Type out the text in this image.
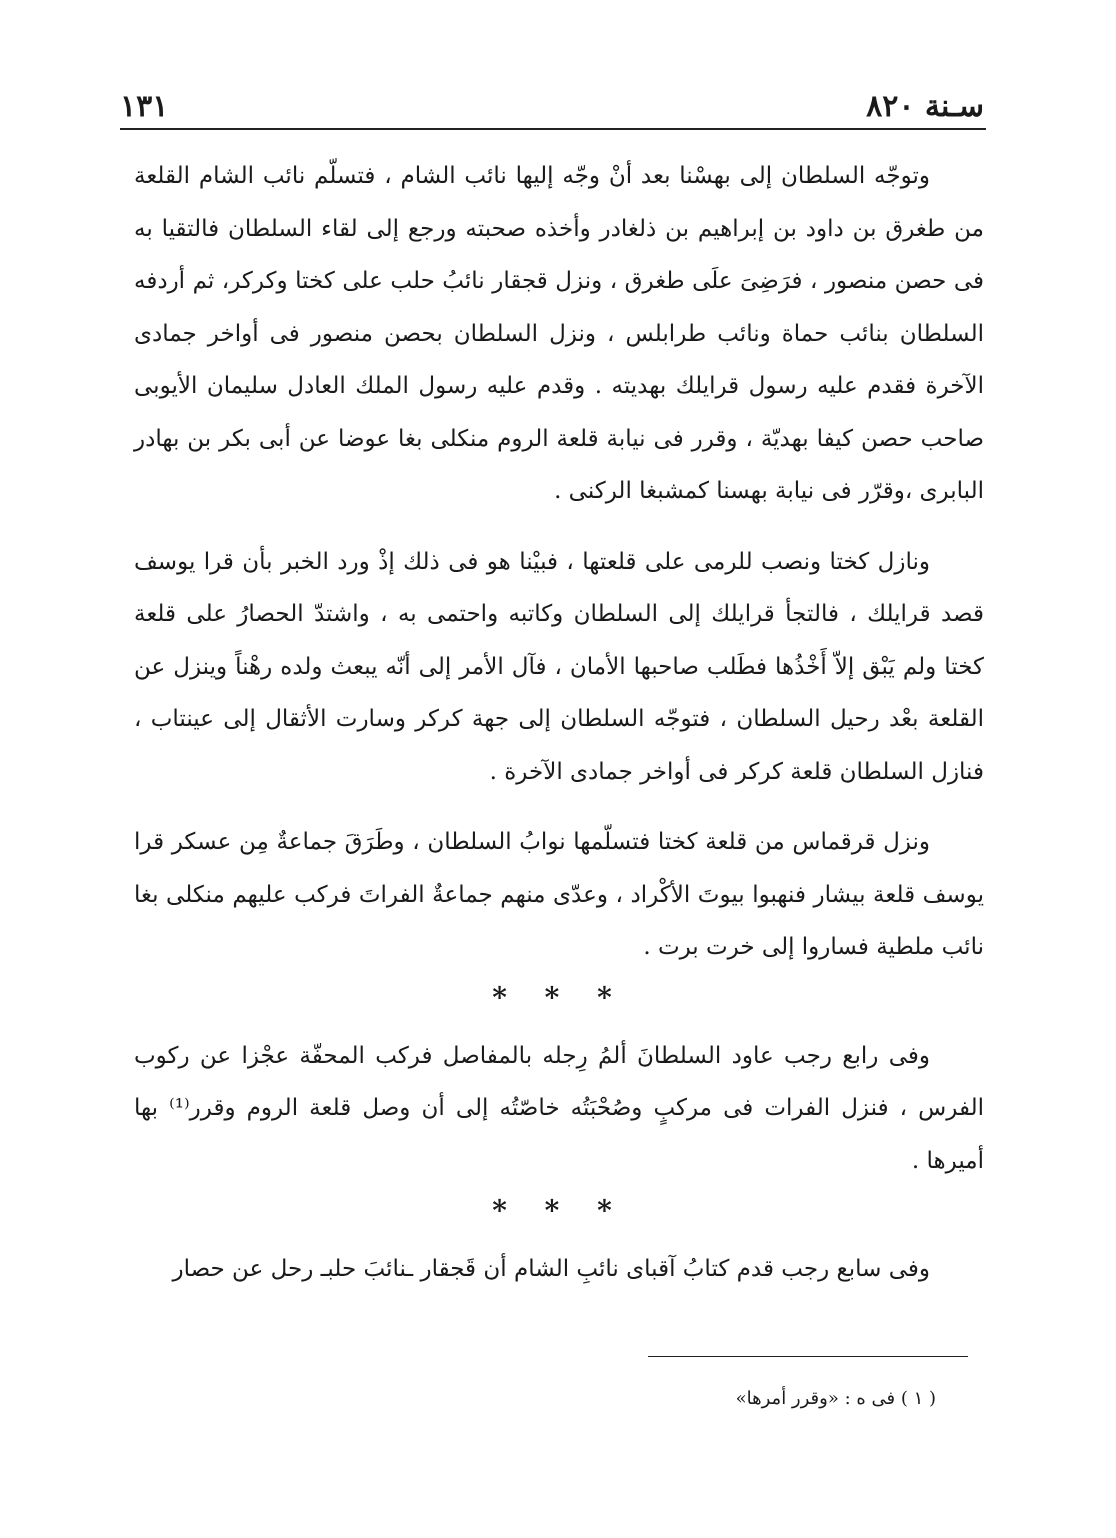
سـنة ٨٢٠
١٣١

وتوجّه السلطان إلى بهسْنا بعد أنْ وجّه إليها نائب الشام ، فتسلّم نائب الشام القلعة من طغرق بن داود بن إبراهيم بن ذلغادر وأخذه صحبته ورجع إلى لقاء السلطان فالتقيا به فى حصن منصور ، فرَضِىَ علَى طغرق ، ونزل قجقار نائبُ حلب على كختا وكركر، ثم أردفه السلطان بنائب حماة ونائب طرابلس ، ونزل السلطان بحصن منصور فى أواخر جمادى الآخرة فقدم عليه رسول قرايلك بهديته . وقدم عليه رسول الملك العادل سليمان الأيوبى صاحب حصن كيفا بهديّة ، وقرر فى نيابة قلعة الروم منكلى بغا عوضا عن أبى بكر بن بهادر البابرى ،وقرّر فى نيابة بهسنا كمشبغا الركنى .

ونازل كختا ونصب للرمى على قلعتها ، فبيْنا هو فى ذلك إذْ ورد الخبر بأن قرا يوسف قصد قرايلك ، فالتجأ قرايلك إلى السلطان وكاتبه واحتمى به ، واشتدّ الحصارُ على قلعة كختا ولم يَبْق إلاّ أَخْذُها فطَلب صاحبها الأمان ، فآل الأمر إلى أنّه يبعث ولده رهْناً وينزل عن القلعة بعْد رحيل السلطان ، فتوجّه السلطان إلى جهة كركر وسارت الأثقال إلى عينتاب ، فنازل السلطان قلعة كركر فى أواخر جمادى الآخرة .

ونزل قرقماس من قلعة كختا فتسلّمها نوابُ السلطان ، وطَرَقَ جماعةٌ مِن عسكر قرا يوسف قلعة بيشار فنهبوا بيوتَ الأكْراد ، وعدّى منهم جماعةٌ الفراتَ فركب عليهم منكلى بغا نائب ملطية فساروا إلى خرت برت .

* * *

وفى رابع رجب عاود السلطانَ ألمُ رِجله بالمفاصل فركب المحفّة عجْزا عن ركوب الفرس ، فنزل الفرات فى مركبٍ وصُحْبَتُه خاصّتُه إلى أن وصل قلعة الروم وقرر⁽¹⁾ بها أميرها .

* * *

وفى سابع رجب قدم كتابُ آقباى نائبِ الشام أن قَجقار ـنائبَ حلبـ رحل عن حصار

( ١ ) فى ه : «وقرر أمرها»
